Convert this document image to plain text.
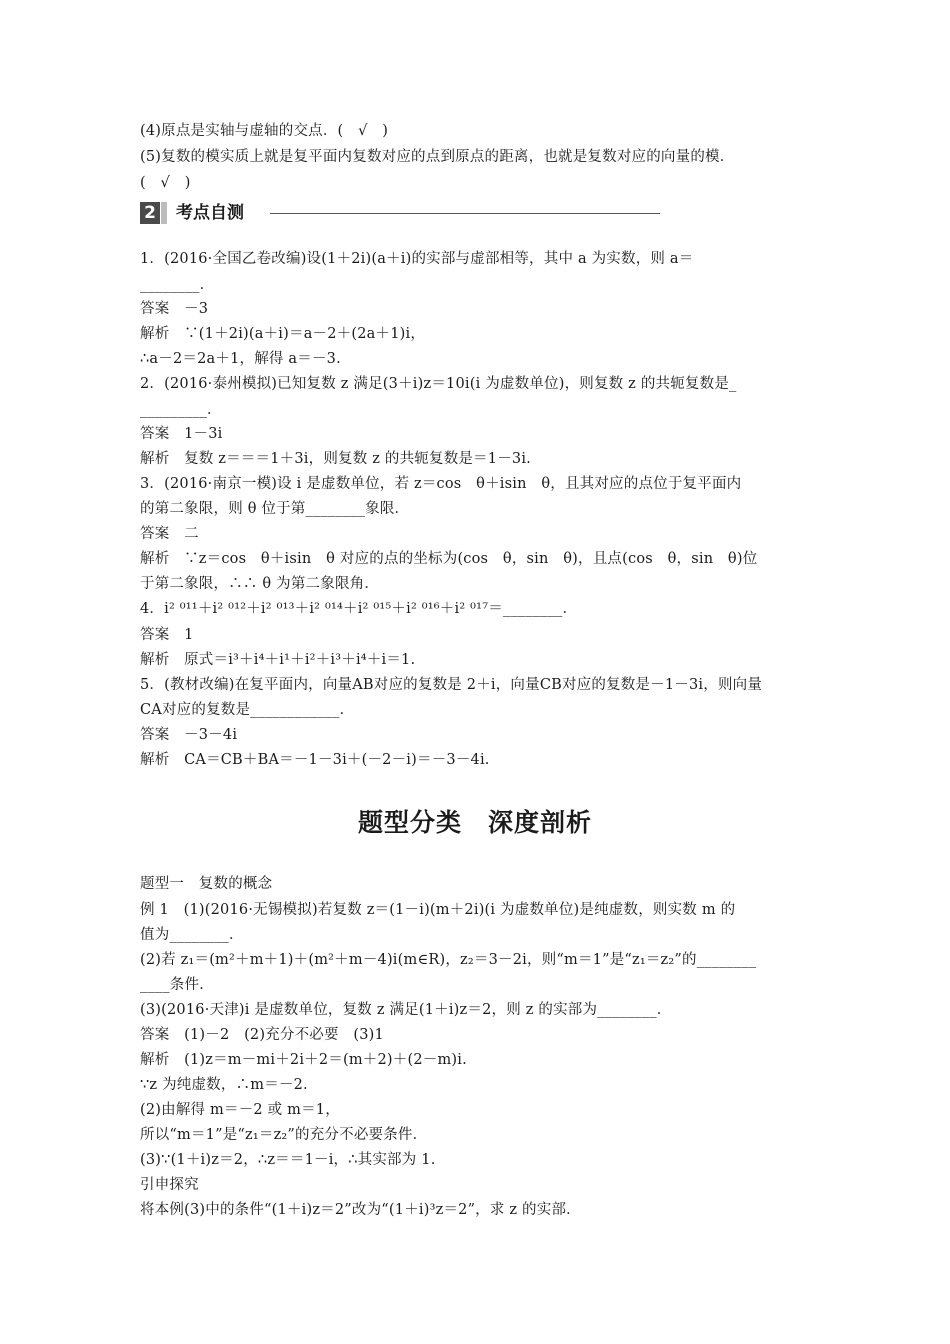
(4)原点是实轴与虚轴的交点．(　√　)
(5)复数的模实质上就是复平面内复数对应的点到原点的距离，也就是复数对应的向量的模．
(　√　)
2 考点自测
1．(2016·全国乙卷改编)设(1＋2i)(a＋i)的实部与虚部相等，其中 a 为实数，则 a＝
________．
答案　－3
解析　∵(1＋2i)(a＋i)＝a－2＋(2a＋1)i，
∴a－2＝2a＋1，解得 a＝－3.
2．(2016·泰州模拟)已知复数 z 满足(3＋i)z＝10i(i 为虚数单位)，则复数 z 的共轭复数是_
_________．
答案　1－3i
解析　复数 z＝＝＝1＋3i，则复数 z 的共轭复数是＝1－3i.
3．(2016·南京一模)设 i 是虚数单位，若 z＝cos　θ＋isin　θ，且其对应的点位于复平面内
的第二象限，则 θ 位于第________象限．
答案　二
解析　∵z＝cos　θ＋isin　θ 对应的点的坐标为(cos　θ，sin　θ)，且点(cos　θ，sin　θ)位
于第二象限，∴∴ θ 为第二象限角．
4．i² ⁰¹¹＋i² ⁰¹²＋i² ⁰¹³＋i² ⁰¹⁴＋i² ⁰¹⁵＋i² ⁰¹⁶＋i² ⁰¹⁷＝________．
答案　1
解析　原式＝i³＋i⁴＋i¹＋i²＋i³＋i⁴＋i＝1.
5．(教材改编)在复平面内，向量AB对应的复数是 2＋i，向量CB对应的复数是－1－3i，则向量
CA对应的复数是____________．
答案　－3－4i
解析　CA＝CB＋BA＝－1－3i＋(－2－i)＝－3－4i.
题型分类　深度剖析
题型一　复数的概念
例 1　(1)(2016·无锡模拟)若复数 z＝(1－i)(m＋2i)(i 为虚数单位)是纯虚数，则实数 m 的
值为________．
(2)若 z₁＝(m²＋m＋1)＋(m²＋m－4)i(m∈R)，z₂＝3－2i，则“m＝1”是“z₁＝z₂”的________
____条件．
(3)(2016·天津)i 是虚数单位，复数 z 满足(1＋i)z＝2，则 z 的实部为________．
答案　(1)－2　(2)充分不必要　(3)1
解析　(1)z＝m－mi＋2i＋2＝(m＋2)＋(2－m)i.
∵z 为纯虚数，∴m＝－2.
(2)由解得 m＝－2 或 m＝1，
所以“m＝1”是“z₁＝z₂”的充分不必要条件．
(3)∵(1＋i)z＝2，∴z＝＝1－i，∴其实部为 1.
引申探究
将本例(3)中的条件“(1＋i)z＝2”改为“(1＋i)³z＝2”，求 z 的实部．
